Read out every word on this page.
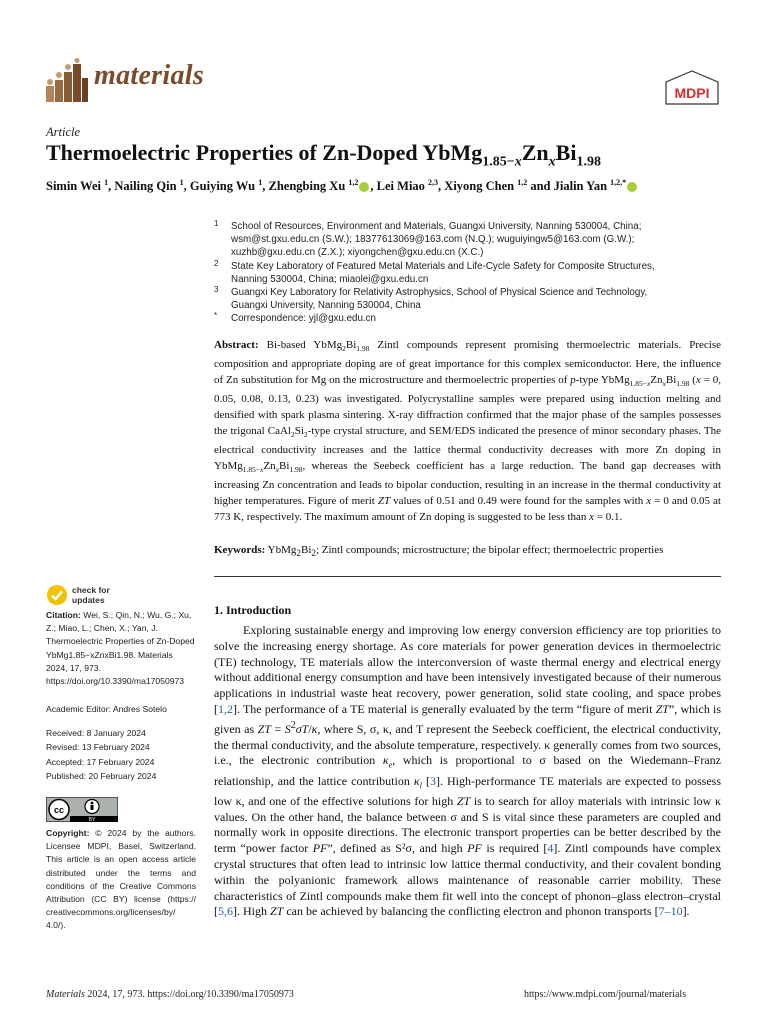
materials
MDPI
Article
Thermoelectric Properties of Zn-Doped $YbMg_{1.85-x}Zn_xBi_{1.98}$
Simin Wei $^1$, Nailing Qin $^1$, Guiying Wu $^1$, Zhengbing Xu $^{1,2}$ , Lei Miao $^{2,3}$, Xiyong Chen $^{1,2}$ and Jialin Yan $^{1,2,*}$
1 School of Resources, Environment and Materials, Guangxi University, Nanning 530004, China;
wsm@st.gxu.edu.cn (S.W.); 18377613069@163.com (N.Q.); wuguiyingw5@163.com (G.W.);
xuzhb@gxu.edu.cn (Z.X.); xiyongchen@gxu.edu.cn (X.C.)
2 State Key Laboratory of Featured Metal Materials and Life-Cycle Safety for Composite Structures,
Nanning 530004, China; miaolei@gxu.edu.cn
3 Guangxi Key Laboratory for Relativity Astrophysics, School of Physical Science and Technology,
Guangxi University, Nanning 530004, China
* Correspondence: yjl@gxu.edu.cn
Abstract: Bi-based $YbMg_2Bi_{1.98}$ Zintl compounds represent promising thermoelectric materials. Precise composition and appropriate doping are of great importance for this complex semiconductor. Here, the influence of Zn substitution for Mg on the microstructure and thermoelectric properties of p-type $YbMg_{1.85-x}Zn_xBi_{1.98}$ (x = 0, 0.05, 0.08, 0.13, 0.23) was investigated. Polycrystalline samples were prepared using induction melting and densified with spark plasma sintering. X-ray diffraction confirmed that the major phase of the samples possesses the trigonal $CaAl_2Si_2$-type crystal structure, and SEM/EDS indicated the presence of minor secondary phases. The electrical conductivity increases and the lattice thermal conductivity decreases with more Zn doping in $YbMg_{1.85-x}Zn_xBi_{1.98}$, whereas the Seebeck coefficient has a large reduction. The band gap decreases with increasing Zn concentration and leads to bipolar conduction, resulting in an increase in the thermal conductivity at higher temperatures. Figure of merit ZT values of 0.51 and 0.49 were found for the samples with x = 0 and 0.05 at 773 K, respectively. The maximum amount of Zn doping is suggested to be less than x = 0.1.
Keywords: $YbMg_2Bi_2$; Zintl compounds; microstructure; the bipolar effect; thermoelectric properties
check for
updates
Citation: Wei, S.; Qin, N.; Wu, G.; Xu, Z.; Miao, L.; Chen, X.; Yan, J. Thermoelectric Properties of Zn-Doped YbMg1.85−xZnxBi1.98. Materials 2024, 17, 973. https://doi.org/10.3390/ma17050973
Academic Editor: Andres Sotelo
Received: 8 January 2024
Revised: 13 February 2024
Accepted: 17 February 2024
Published: 20 February 2024
cc
BY
Copyright: © 2024 by the authors. Licensee MDPI, Basel, Switzerland. This article is an open access article distributed under the terms and conditions of the Creative Commons Attribution (CC BY) license (https:// creativecommons.org/licenses/by/ 4.0/).
1. Introduction
Exploring sustainable energy and improving low energy conversion efficiency are top priorities to solve the increasing energy shortage. As core materials for power generation devices in thermoelectric (TE) technology, TE materials allow the interconversion of waste thermal energy and electrical energy without additional energy consumption and have been intensively investigated because of their numerous applications in industrial waste heat recovery, power generation, solid state cooling, and space probes [1,2]. The performance of a TE material is generally evaluated by the term “figure of merit ZT”, which is given as ZT = $S^2\sigma T/\kappa$, where S, σ, κ, and T represent the Seebeck coefficient, the electrical conductivity, the thermal conductivity, and the absolute temperature, respectively. κ generally comes from two sources, i.e., the electronic contribution $\kappa_e$, which is proportional to σ based on the Wiedemann–Franz relationship, and the lattice contribution $\kappa_l$ [3]. High-performance TE materials are expected to possess low κ, and one of the effective solutions for high ZT is to search for alloy materials with intrinsic low κ values. On the other hand, the balance between σ and S is vital since these parameters are coupled and normally work in opposite directions. The electronic transport properties can be better described by the term “power factor PF”, defined as S²σ, and high PF is required [4]. Zintl compounds have complex crystal structures that often lead to intrinsic low lattice thermal conductivity, and their covalent bonding within the polyanionic framework allows maintenance of reasonable carrier mobility. These characteristics of Zintl compounds make them fit well into the concept of phonon–glass electron–crystal [5,6]. High ZT can be achieved by balancing the conflicting electron and phonon transports [7–10].
Materials 2024, 17, 973. https://doi.org/10.3390/ma17050973	https://www.mdpi.com/journal/materials
